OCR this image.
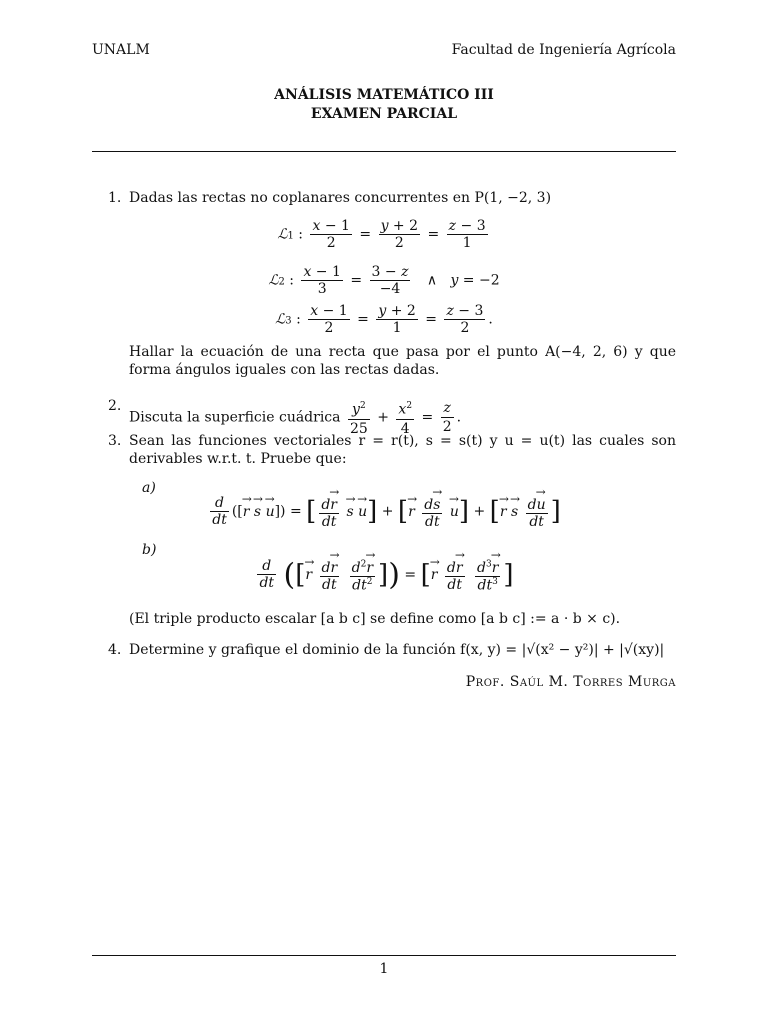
UNALM	Facultad de Ingeniería Agrícola
ANÁLISIS MATEMÁTICO III
EXAMEN PARCIAL
1. Dadas las rectas no coplanares concurrentes en P(1, −2, 3)
ℒ1 : $\frac{x - 1}{2} = \frac{y + 2}{2} = \frac{z - 3}{1}$
ℒ2 : $\frac{x - 1}{3} = \frac{3 - z}{-4}$ ∧   y = −2
ℒ3 : $\frac{x - 1}{2} = \frac{y + 2}{1} = \frac{z - 3}{2}$ .
Hallar la ecuación de una recta que pasa por el punto A(−4, 2, 6) y que forma ángulos iguales con las rectas dadas.
2.
Discuta la superficie cuádrica $\frac{y^2}{25} + \frac{x^2}{4} = \frac{z}{2}$ .
3. Sean las funciones vectoriales r = r(t), s = s(t) y u = u(t) las cuales son derivables w.r.t. t. Pruebe que:
a)
$\frac{d}{dt}$ ([→ r → s → u]) = [ $\frac{d\to r}{dt}$
→ s → u] + [→ r $\frac{d\to s}{dt}$
→ u] + [→ r → s $\frac{d\to u}{dt}$ ]
b)
$\frac{d}{dt}$ ([→ r $\frac{d\to r}{dt}$
$\frac{d^2\to r}{dt^2}$ ]) = [→ r $\frac{d\to r}{dt}$
$\frac{d^3\to r}{dt^3}$ ]
(El triple producto escalar [a b c] se define como [a b c] := a · b × c).
4. Determine y grafique el dominio de la función f(x, y) = |√(x² − y²)| + |√(xy)|
Prof. Saúl M. Torres Murga
1
